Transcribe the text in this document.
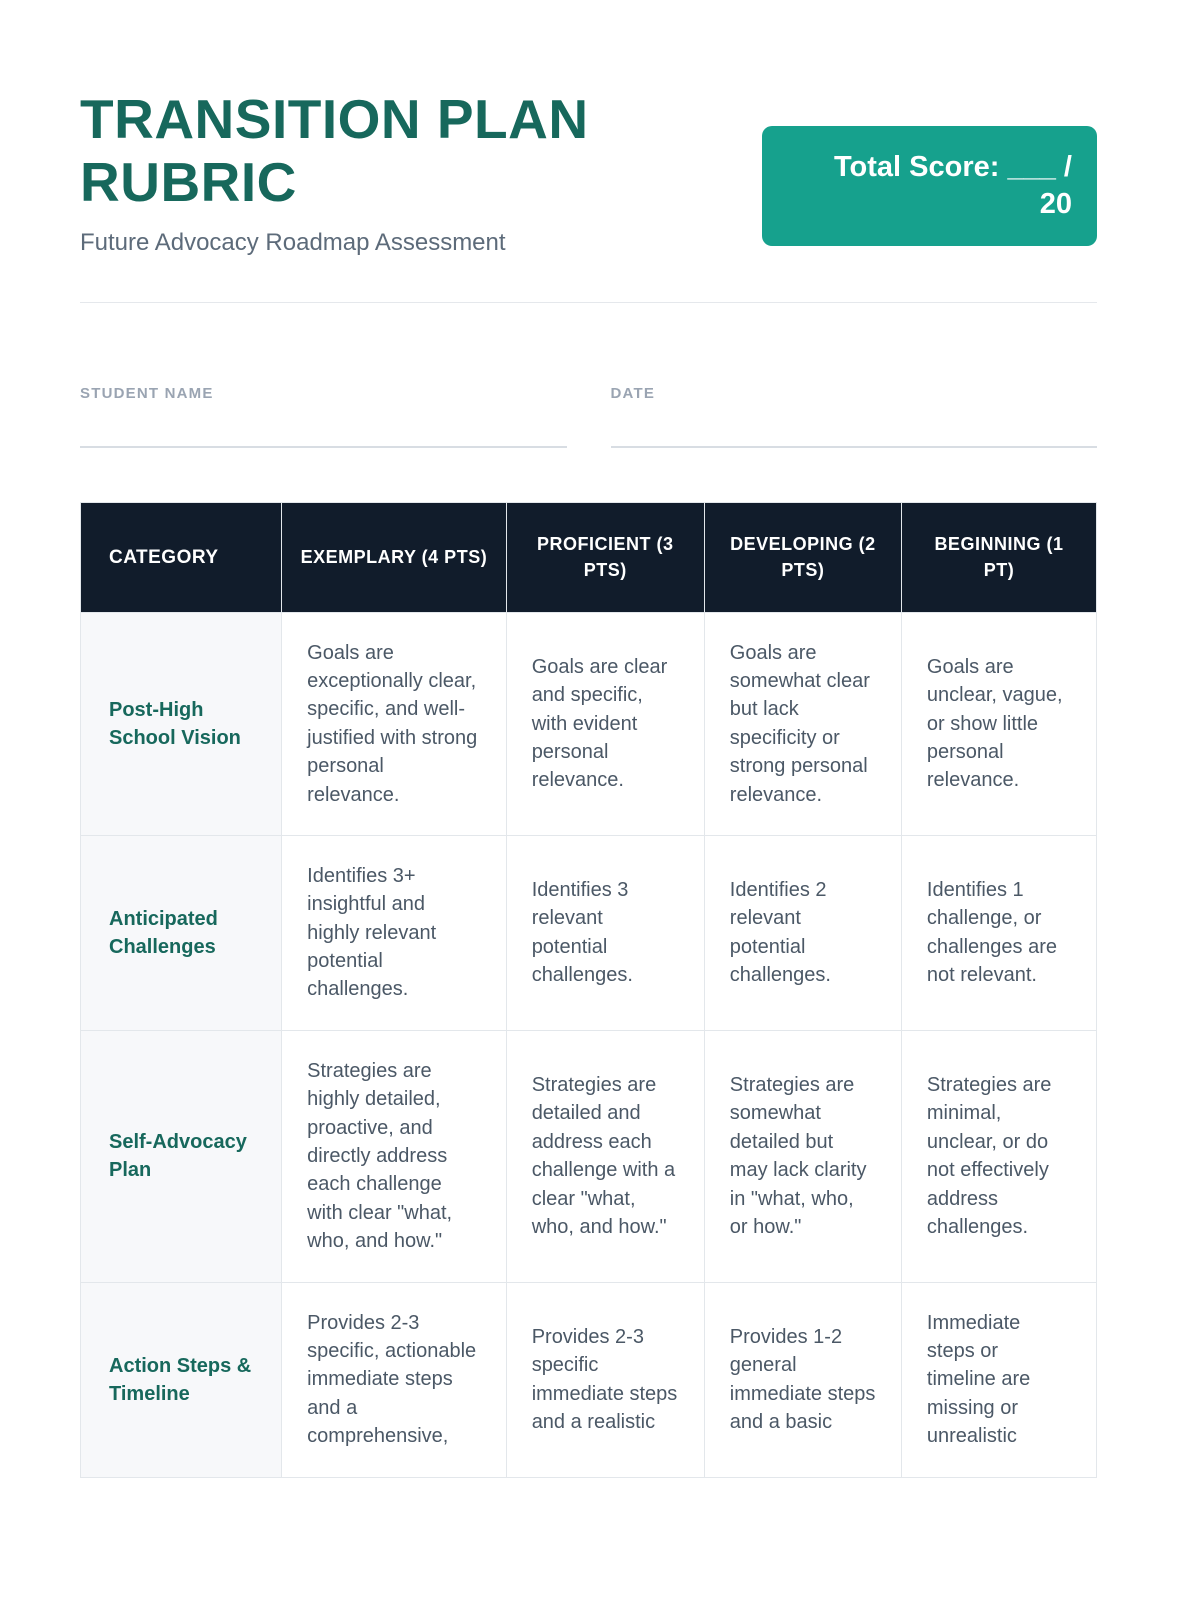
TRANSITION PLAN RUBRIC

Future Advocacy Roadmap Assessment

Total Score: ___ /
20
STUDENT NAME	DATE
CATEGORY	EXEMPLARY (4 PTS)	PROFICIENT (3 PTS)	DEVELOPING (2 PTS)	BEGINNING (1 PT)
Post-High School Vision	Goals are exceptionally clear, specific, and well-justified with strong personal relevance.	Goals are clear and specific, with evident personal relevance.	Goals are somewhat clear but lack specificity or strong personal relevance.	Goals are unclear, vague, or show little personal relevance.
Anticipated Challenges	Identifies 3+ insightful and highly relevant potential challenges.	Identifies 3 relevant potential challenges.	Identifies 2 relevant potential challenges.	Identifies 1 challenge, or challenges are not relevant.
Self-Advocacy Plan	Strategies are highly detailed, proactive, and directly address each challenge with clear "what, who, and how."	Strategies are detailed and address each challenge with a clear "what, who, and how."	Strategies are somewhat detailed but may lack clarity in "what, who, or how."	Strategies are minimal, unclear, or do not effectively address challenges.
Action Steps & Timeline	Provides 2-3 specific, actionable immediate steps and a comprehensive,	Provides 2-3 specific immediate steps and a realistic	Provides 1-2 general immediate steps and a basic	Immediate steps or timeline are missing or unrealistic
